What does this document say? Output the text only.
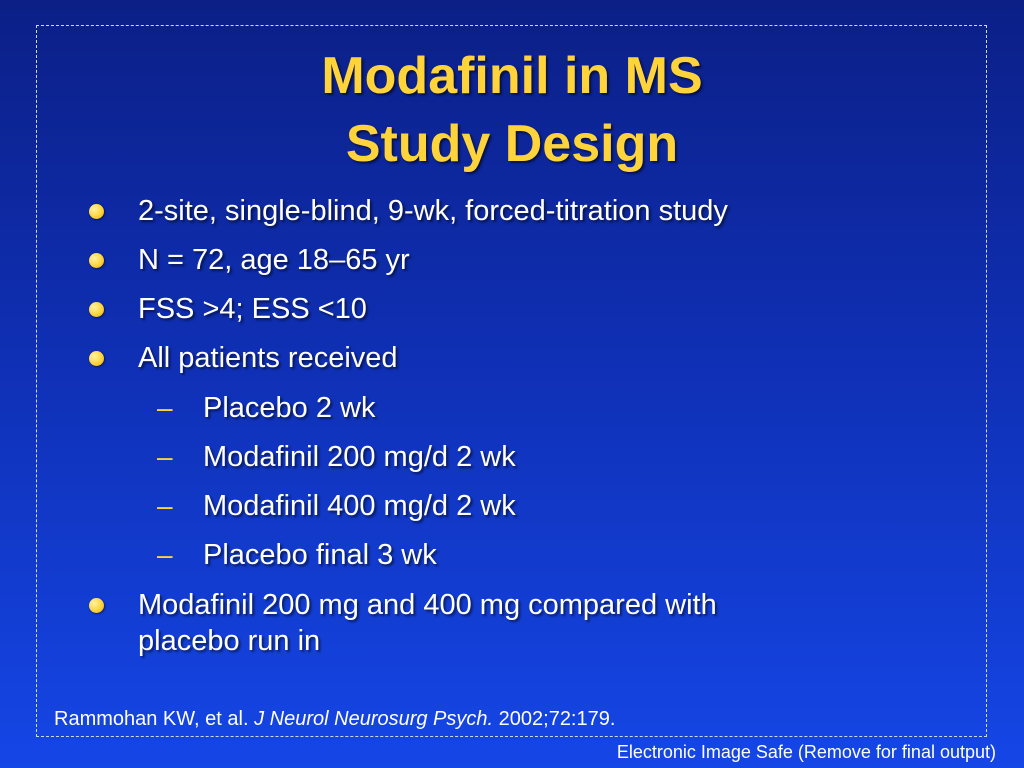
Modafinil in MS
Study Design
2-site, single-blind, 9-wk, forced-titration study
N = 72, age 18–65 yr
FSS >4; ESS <10
All patients received
– Placebo 2 wk
– Modafinil 200 mg/d 2 wk
– Modafinil 400 mg/d 2 wk
– Placebo final 3 wk
Modafinil 200 mg and 400 mg compared with
placebo run in
Rammohan KW, et al. J Neurol Neurosurg Psych. 2002;72:179.
Electronic Image Safe (Remove for final output)
